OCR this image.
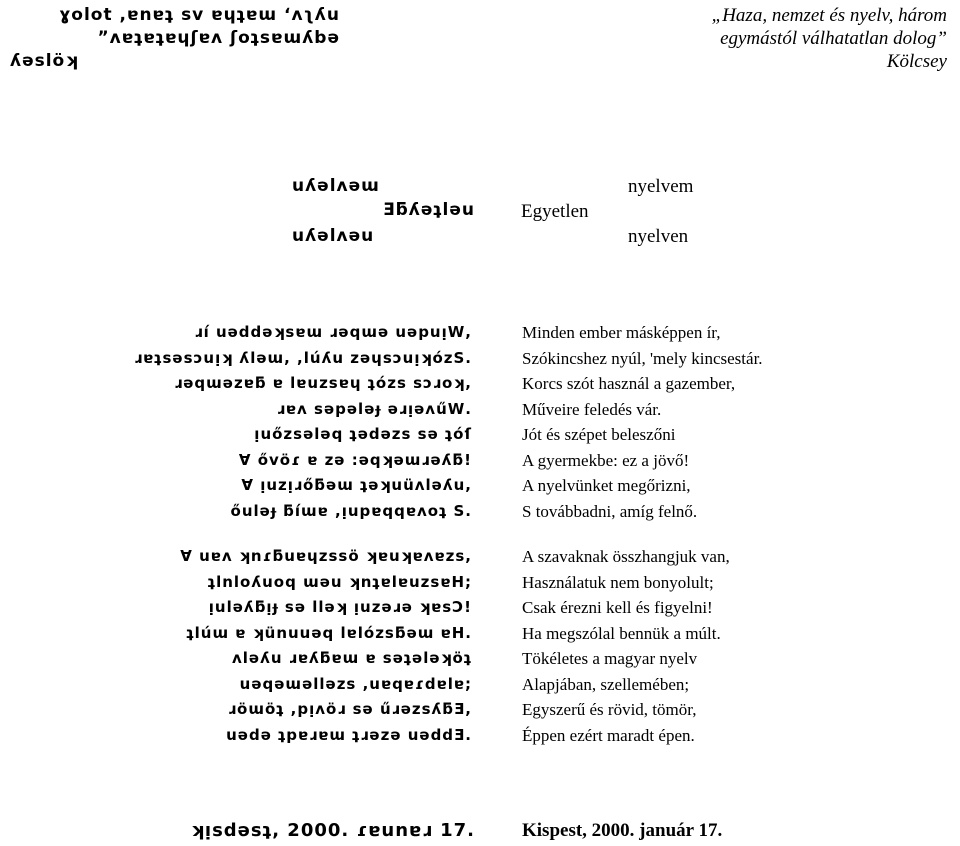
ɣolot ,ɐnɐʇ sv ɐɥʇɐɯ ʻʌʅʎu
ʌɐʇɐʇɐɥʃɐʌ ʃoʇsɐɯʎbǝ”
ʎǝslöʞ
„Haza, nemzet és nyelv, három
egymástól válhatatlan dolog”
Kölcsey
ɯǝʌlǝʎu
uǝlʇǝʎƃƎ
uǝʌlǝʎu
nyelvem
Egyetlen
nyelven
,ɹí uǝddǝʞsɐɯ ɹǝqɯǝ uǝpuᴉW
.ɹɐʇsǝsɔuᴉʞ ʎlǝɯ, ,lúʎu zǝɥsɔuᴉʞózS
,ɹǝqɯǝzɐƃ ɐ lɐuzsɐɥ ʇózs sɔɹoʞ
.ɹɐʌ sǝpǝlǝɟ ǝɹᴉǝʌűW
ᴉuőzsǝlǝq ʇǝdǝzs sǝ ʇóſ
!ővöɾ ɐ zǝ :ǝqʞǝɯɹǝʎƃ ∀
,ᴉuzᴉɹőƃǝɯ ʇǝʞuüʌlǝʎu ∀
.őulǝɟ ƃíɯɐ ,ᴉupɐqqɐʌoʇ S
Minden ember másképpen ír,
Szókincshez nyúl, 'mely kincsestár.
Korcs szót használ a gazember,
Műveire feledés vár.
Jót és szépet beleszőni
A gyermekbe: ez a jövő!
A nyelvünket megőrizni,
S továbbadni, amíg felnő.
,uɐʌ ʞnɾƃuɐɥzssö ʞɐuʞɐʌɐzs ∀
;ʇlnloʎuoq ɯǝu ʞnʇɐlɐuzsɐH
!ᴉulǝʎƃᴉɟ sǝ llǝʞ ᴉuzǝɹǝ ʞɐsƆ
.ʇlúɯ ɐ ʞünuuǝq lɐlózsƃǝɯ ɐH
ʌlǝʎu ɹɐʎƃɐɯ ɐ sǝʇǝlǝʞöʇ
;uǝqǝɯǝllǝzs ,uɐqɐɾdɐlɐ
,ɹöɯöʇ ,pᴉʌöɹ sǝ űɹǝzsʎƃƎ
.uǝdǝ ʇpɐɹɐɯ ʇɹǝzǝ uǝddƎ
A szavaknak összhangjuk van,
Használatuk nem bonyolult;
Csak érezni kell és figyelni!
Ha megszólal bennük a múlt.
Tökéletes a magyar nyelv
Alapjában, szellemében;
Egyszerű és rövid, tömör,
Éppen ezért maradt épen.
.71 ɹɐnuɐɾ .0002 ,ʇsǝdsᴉʞ Kispest, 2000. január 17.
